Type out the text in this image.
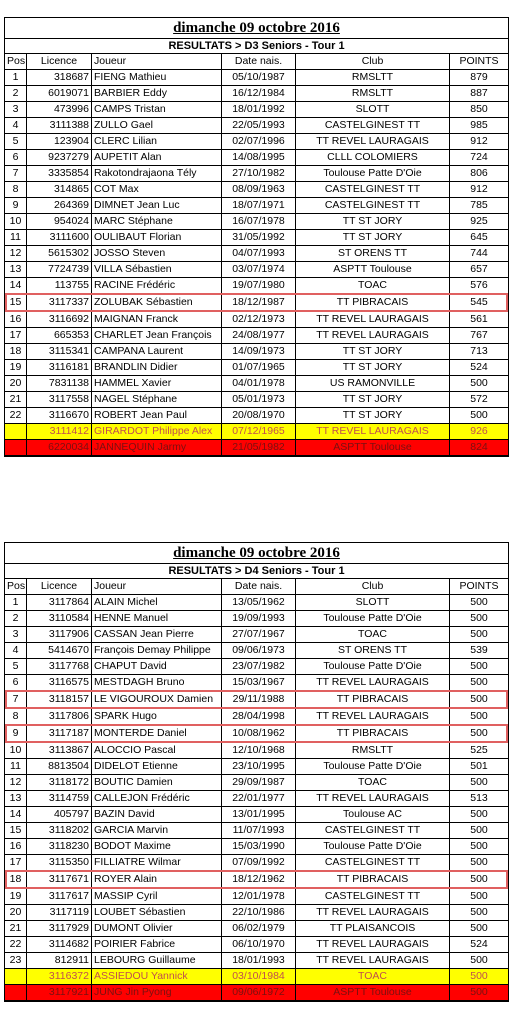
dimanche 09 octobre 2016
RESULTATS > D3 Seniors - Tour 1
Pos	Licence	Joueur	Date nais.	Club	POINTS
1	318687	FIENG Mathieu	05/10/1987	RMSLTT	879
2	6019071	BARBIER Eddy	16/12/1984	RMSLTT	887
3	473996	CAMPS Tristan	18/01/1992	SLOTT	850
4	3111388	ZULLO Gael	22/05/1993	CASTELGINEST TT	985
5	123904	CLERC Lilian	02/07/1996	TT REVEL LAURAGAIS	912
6	9237279	AUPETIT Alan	14/08/1995	CLLL COLOMIERS	724
7	3335854	Rakotondrajaona Tély	27/10/1982	Toulouse Patte D'Oie	806
8	314865	COT Max	08/09/1963	CASTELGINEST TT	912
9	264369	DIMNET Jean Luc	18/07/1971	CASTELGINEST TT	785
10	954024	MARC Stéphane	16/07/1978	TT ST JORY	925
11	3111600	OULIBAUT Florian	31/05/1992	TT ST JORY	645
12	5615302	JOSSO Steven	04/07/1993	ST ORENS TT	744
13	7724739	VILLA Sébastien	03/07/1974	ASPTT Toulouse	657
14	113755	RACINE Frédéric	19/07/1980	TOAC	576
15	3117337	ZOLUBAK Sébastien	18/12/1987	TT PIBRACAIS	545
16	3116692	MAIGNAN Franck	02/12/1973	TT REVEL LAURAGAIS	561
17	665353	CHARLET Jean François	24/08/1977	TT REVEL LAURAGAIS	767
18	3115341	CAMPANA Laurent	14/09/1973	TT ST JORY	713
19	3116181	BRANDLIN Didier	01/07/1965	TT ST JORY	524
20	7831138	HAMMEL Xavier	04/01/1978	US RAMONVILLE	500
21	3117558	NAGEL Stéphane	05/01/1973	TT ST JORY	572
22	3116670	ROBERT Jean Paul	20/08/1970	TT ST JORY	500
	3111412	GIRARDOT Philippe Alex	07/12/1965	TT REVEL LAURAGAIS	926
	6220034	JANNEQUIN Jarmy	21/05/1982	ASPTT Toulouse	824
dimanche 09 octobre 2016
RESULTATS > D4 Seniors - Tour 1
Pos	Licence	Joueur	Date nais.	Club	POINTS
1	3117864	ALAIN Michel	13/05/1962	SLOTT	500
2	3110584	HENNE Manuel	19/09/1993	Toulouse Patte D'Oie	500
3	3117906	CASSAN Jean Pierre	27/07/1967	TOAC	500
4	5414670	François Demay Philippe	09/06/1973	ST ORENS TT	539
5	3117768	CHAPUT David	23/07/1982	Toulouse Patte D'Oie	500
6	3116575	MESTDAGH Bruno	15/03/1967	TT REVEL LAURAGAIS	500
7	3118157	LE VIGOUROUX Damien	29/11/1988	TT PIBRACAIS	500
8	3117806	SPARK Hugo	28/04/1998	TT REVEL LAURAGAIS	500
9	3117187	MONTERDE Daniel	10/08/1962	TT PIBRACAIS	500
10	3113867	ALOCCIO Pascal	12/10/1968	RMSLTT	525
11	8813504	DIDELOT Etienne	23/10/1995	Toulouse Patte D'Oie	501
12	3118172	BOUTIC Damien	29/09/1987	TOAC	500
13	3114759	CALLEJON Frédéric	22/01/1977	TT REVEL LAURAGAIS	513
14	405797	BAZIN David	13/01/1995	Toulouse AC	500
15	3118202	GARCIA Marvin	11/07/1993	CASTELGINEST TT	500
16	3118230	BODOT Maxime	15/03/1990	Toulouse Patte D'Oie	500
17	3115350	FILLIATRE Wilmar	07/09/1992	CASTELGINEST TT	500
18	3117671	ROYER Alain	18/12/1962	TT PIBRACAIS	500
19	3117617	MASSIP Cyril	12/01/1978	CASTELGINEST TT	500
20	3117119	LOUBET Sébastien	22/10/1986	TT REVEL LAURAGAIS	500
21	3117929	DUMONT Olivier	06/02/1979	TT PLAISANCOIS	500
22	3114682	POIRIER Fabrice	06/10/1970	TT REVEL LAURAGAIS	524
23	812911	LEBOURG Guillaume	18/01/1993	TT REVEL LAURAGAIS	500
	3116372	ASSIEDOU Yannick	03/10/1984	TOAC	500
	3117921	JUNG Jin Pyong	09/06/1972	ASPTT Toulouse	500
